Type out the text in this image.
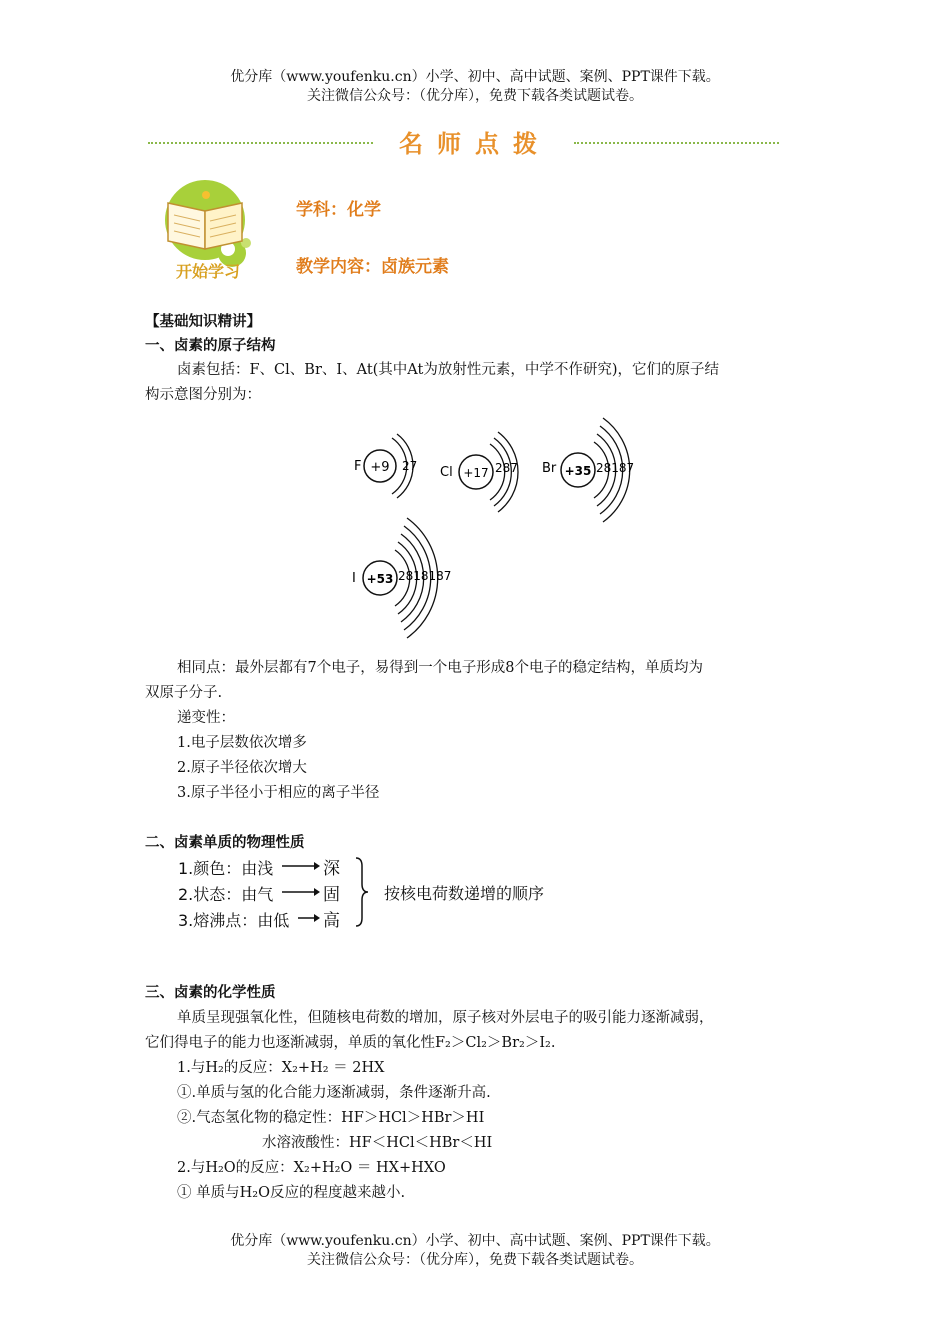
优分库（www.youfenku.cn）小学、初中、高中试题、案例、PPT课件下载。
关注微信公众号：（优分库），免费下载各类试题试卷。
名师点拨
开始学习
学科：化学
教学内容：卤族元素
【基础知识精讲】
一、卤素的原子结构
卤素包括：F、Cl、Br、I、At(其中At为放射性元素，中学不作研究)，它们的原子结
构示意图分别为：
F +9 27 Cl +17 287 Br +35 28187
I +53 2818187
相同点：最外层都有7个电子，易得到一个电子形成8个电子的稳定结构，单质均为
双原子分子.
递变性：
1.电子层数依次增多
2.原子半径依次增大
3.原子半径小于相应的离子半径
二、卤素单质的物理性质
1.颜色：由浅
2.状态：由气
3.熔沸点：由低
深
固
高
按核电荷数递增的顺序
三、卤素的化学性质
单质呈现强氧化性，但随核电荷数的增加，原子核对外层电子的吸引能力逐渐减弱，
它们得电子的能力也逐渐减弱，单质的氧化性F₂＞Cl₂＞Br₂＞I₂.
1.与H₂的反应：X₂+H₂ ＝ 2HX
①.单质与氢的化合能力逐渐减弱，条件逐渐升高.
②.气态氢化物的稳定性：HF＞HCl＞HBr＞HI
水溶液酸性：HF＜HCl＜HBr＜HI
2.与H₂O的反应：X₂+H₂O ＝ HX+HXO
① 单质与H₂O反应的程度越来越小.
优分库（www.youfenku.cn）小学、初中、高中试题、案例、PPT课件下载。
关注微信公众号：（优分库），免费下载各类试题试卷。
